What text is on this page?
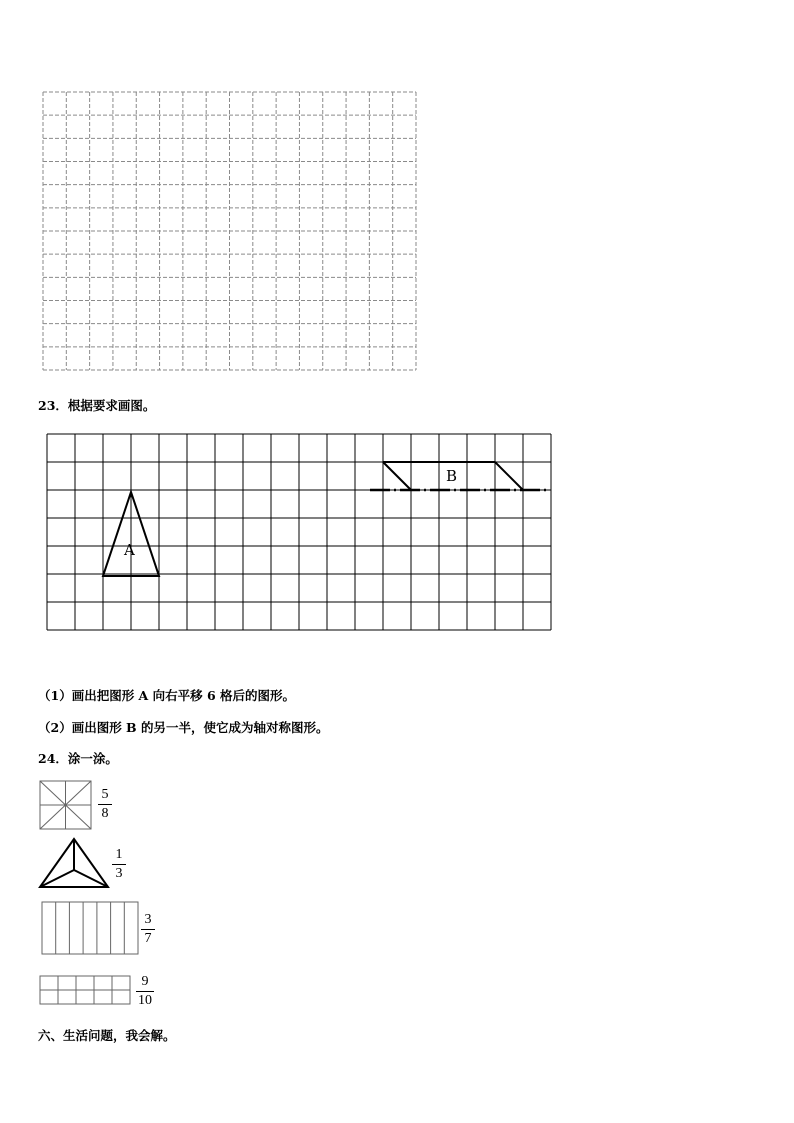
23．根据要求画图。
A
B
（1）画出把图形 A 向右平移 6 格后的图形。
（2）画出图形 B 的另一半，使它成为轴对称图形。
24．涂一涂。
5
8
1
3
3
7
9
10
六、生活问题，我会解。
